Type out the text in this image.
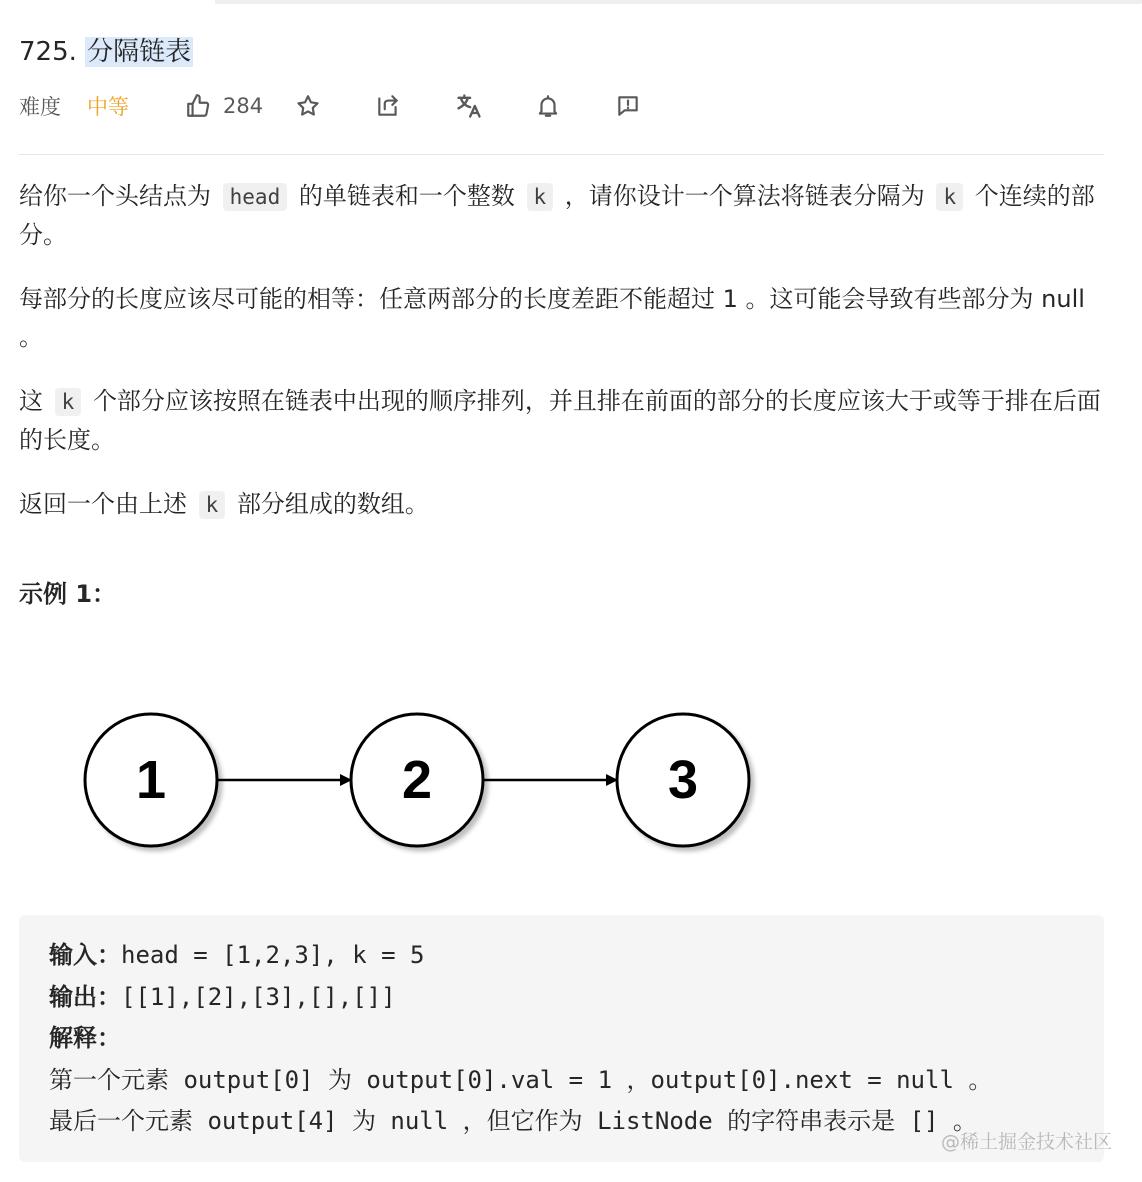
725. 分隔链表
难度	中等	284

给你一个头结点为 head 的单链表和一个整数 k ，请你设计一个算法将链表分隔为 k 个连续的部分。

每部分的长度应该尽可能的相等：任意两部分的长度差距不能超过 1 。这可能会导致有些部分为 null 。

这 k 个部分应该按照在链表中出现的顺序排列，并且排在前面的部分的长度应该大于或等于排在后面的长度。

返回一个由上述 k 部分组成的数组。

示例 1：
1	2	3
输入：head = [1,2,3], k = 5
输出：[[1],[2],[3],[],[]]
解释：
第一个元素 output[0] 为 output[0].val = 1 ，output[0].next = null 。
最后一个元素 output[4] 为 null ，但它作为 ListNode 的字符串表示是 [] 。
@稀土掘金技术社区
